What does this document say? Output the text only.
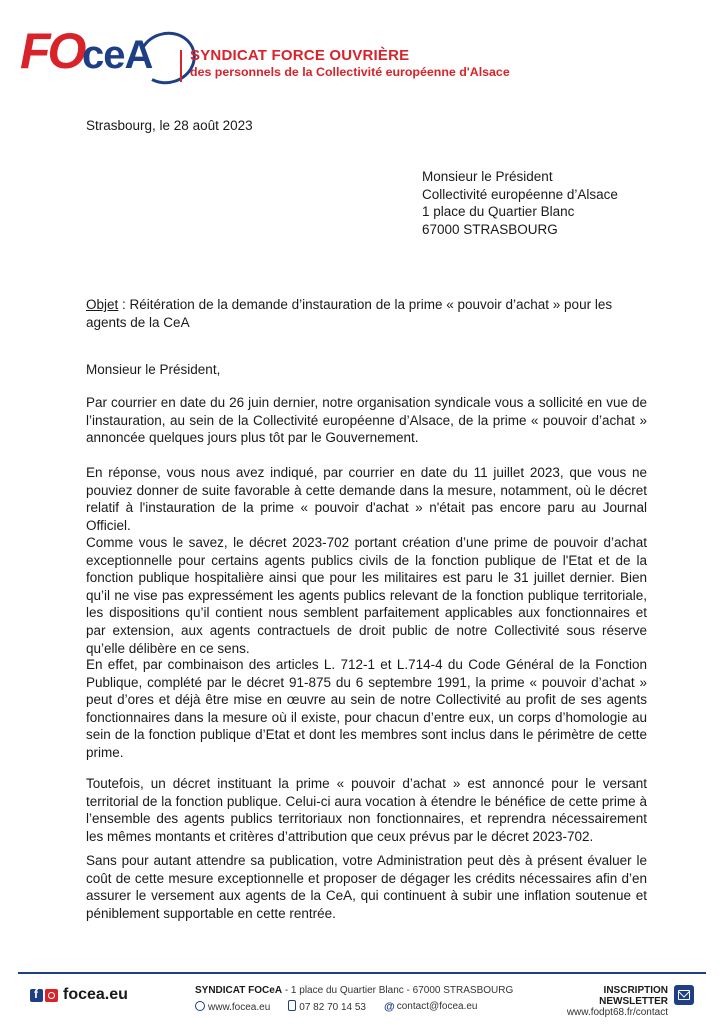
FO
ceA	SYNDICAT FORCE OUVRIÈRE
des personnels de la Collectivité européenne d'Alsace
Strasbourg, le 28 août 2023
Monsieur le Président
Collectivité européenne d’Alsace
1 place du Quartier Blanc
67000 STRASBOURG
Objet : Réitération de la demande d’instauration de la prime « pouvoir d’achat » pour les agents de la CeA
Monsieur le Président,

Par courrier en date du 26 juin dernier, notre organisation syndicale vous a sollicité en vue de l’instauration, au sein de la Collectivité européenne d’Alsace, de la prime « pouvoir d’achat » annoncée quelques jours plus tôt par le Gouvernement.

En réponse, vous nous avez indiqué, par courrier en date du 11 juillet 2023, que vous ne pouviez donner de suite favorable à cette demande dans la mesure, notamment, où le décret relatif à l'instauration de la prime « pouvoir d'achat » n'était pas encore paru au Journal Officiel.

Comme vous le savez, le décret 2023-702 portant création d’une prime de pouvoir d’achat exceptionnelle pour certains agents publics civils de la fonction publique de l'Etat et de la fonction publique hospitalière ainsi que pour les militaires est paru le 31 juillet dernier. Bien qu’il ne vise pas expressément les agents publics relevant de la fonction publique territoriale, les dispositions qu’il contient nous semblent parfaitement applicables aux fonctionnaires et par extension, aux agents contractuels de droit public de notre Collectivité sous réserve qu’elle délibère en ce sens.

En effet, par combinaison des articles L. 712-1 et L.714-4 du Code Général de la Fonction Publique, complété par le décret 91-875 du 6 septembre 1991, la prime « pouvoir d’achat » peut d’ores et déjà être mise en œuvre au sein de notre Collectivité au profit de ses agents fonctionnaires dans la mesure où il existe, pour chacun d’entre eux, un corps d’homologie au sein de la fonction publique d’Etat et dont les membres sont inclus dans le périmètre de cette prime.

Toutefois, un décret instituant la prime « pouvoir d’achat » est annoncé pour le versant territorial de la fonction publique. Celui-ci aura vocation à étendre le bénéfice de cette prime à l’ensemble des agents publics territoriaux non fonctionnaires, et reprendra nécessairement les mêmes montants et critères d’attribution que ceux prévus par le décret 2023-702.

Sans pour autant attendre sa publication, votre Administration peut dès à présent évaluer le coût de cette mesure exceptionnelle et proposer de dégager les crédits nécessaires afin d’en assurer le versement aux agents de la CeA, qui continuent à subir une inflation soutenue et péniblement supportable en cette rentrée.

f
focea.eu	SYNDICAT FOCeA - 1 place du Quartier Blanc - 67000 STRASBOURG
www.focea.eu	07 82 70 14 53 @ contact@focea.eu
INSCRIPTION NEWSLETTER
www.fodpt68.fr/contact
